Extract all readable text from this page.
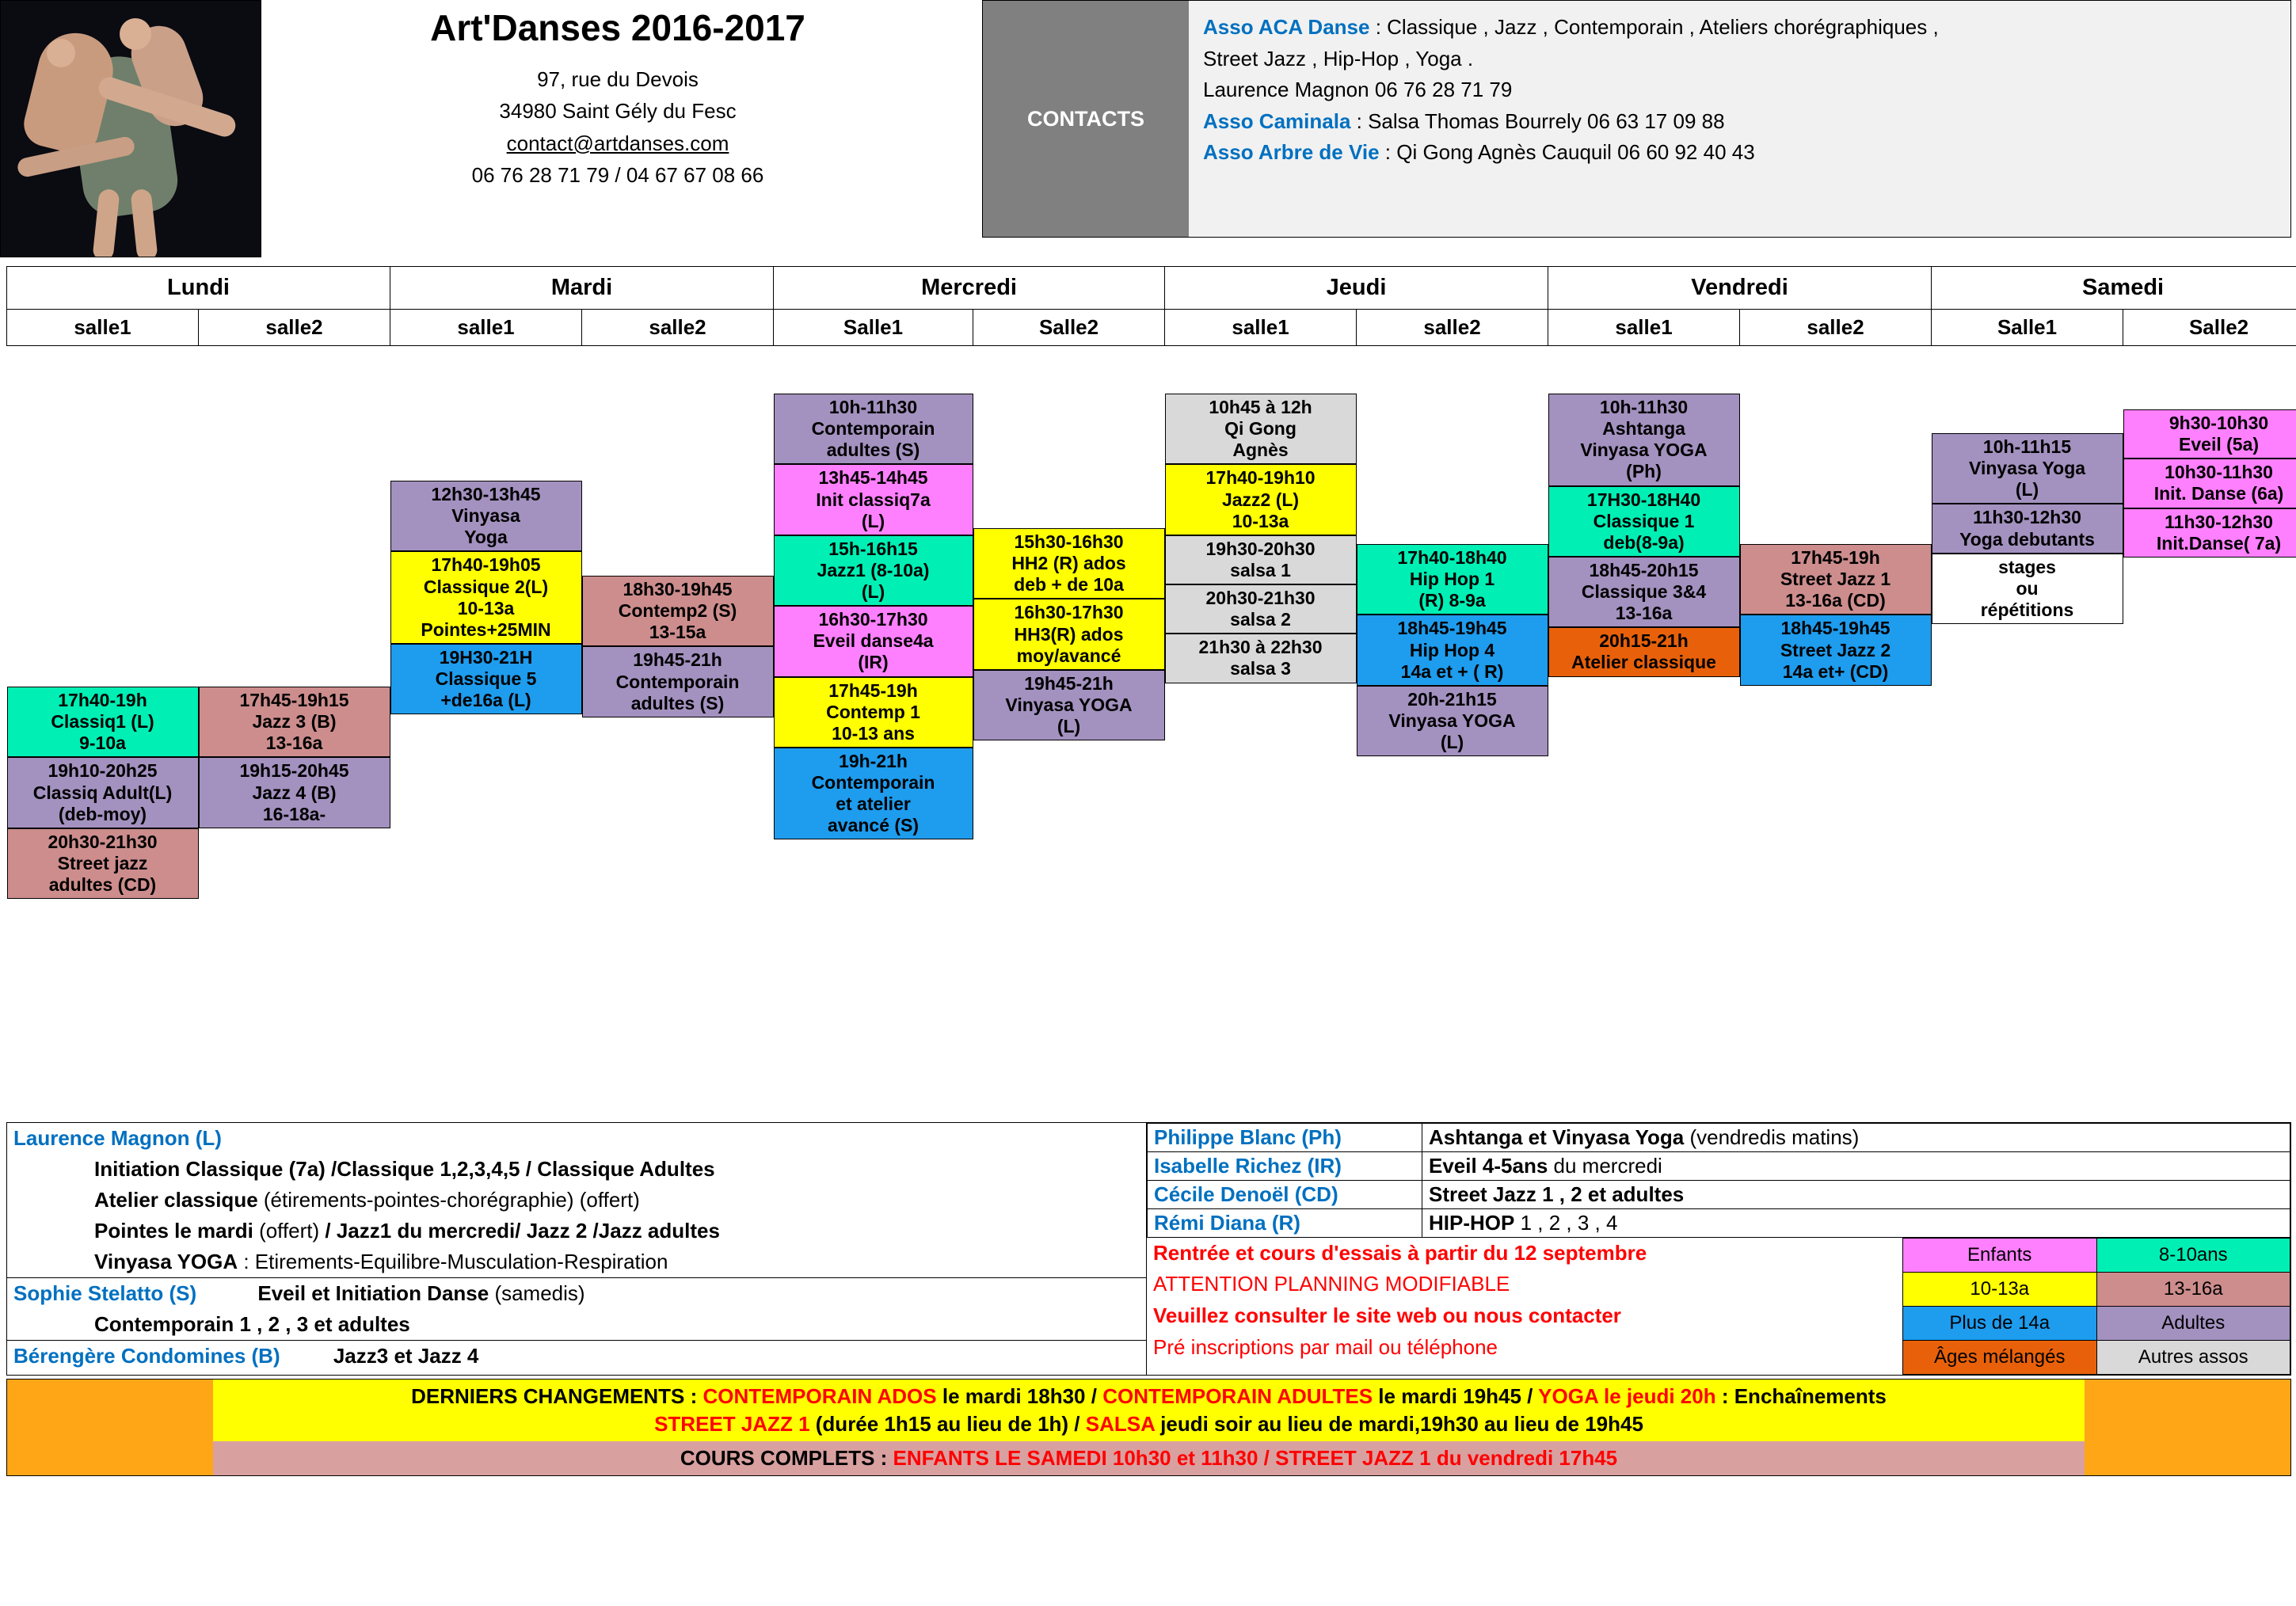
Art'Danses 2016-2017
97, rue du Devois
34980 Saint Gély du Fesc
contact@artdanses.com
06 76 28 71 79 / 04 67 67 08 66
CONTACTS
Asso ACA Danse : Classique , Jazz , Contemporain , Ateliers chorégraphiques ,
Street Jazz , Hip-Hop , Yoga .
Laurence Magnon 06 76 28 71 79
Asso Caminala : Salsa Thomas Bourrely 06 63 17 09 88
Asso Arbre de Vie : Qi Gong Agnès Cauquil 06 60 92 40 43
Lundi		Mardi		Mercredi		Jeudi		Vendredi		Samedi	
salle1	salle2	salle1	salle2	Salle1	Salle2	salle1	salle2	salle1	salle2	Salle1	Salle2

17h40-19h
Classiq1 (L)
9-10a
19h10-20h25
Classiq Adult(L)
(deb-moy)
20h30-21h30
Street jazz
adultes (CD)

17h45-19h15
Jazz 3 (B)
13-16a
19h15-20h45
Jazz 4 (B)
16-18a-

12h30-13h45
Vinyasa
Yoga
17h40-19h05
Classique 2(L)
10-13a
Pointes+25MIN
19H30-21H
Classique 5
+de16a (L)

18h30-19h45
Contemp2 (S)
13-15a
19h45-21h
Contemporain
adultes (S)

10h-11h30
Contemporain
adultes (S)
13h45-14h45
Init classiq7a
(L)
15h-16h15
Jazz1 (8-10a)
(L)
16h30-17h30
Eveil danse4a
(IR)
17h45-19h
Contemp 1
10-13 ans
19h-21h
Contemporain
et atelier
avancé (S)

15h30-16h30
HH2 (R) ados
deb + de 10a
16h30-17h30
HH3(R) ados
moy/avancé
19h45-21h
Vinyasa YOGA
(L)

10h45 à 12h
Qi Gong
Agnès
17h40-19h10
Jazz2 (L)
10-13a
19h30-20h30
salsa 1
20h30-21h30
salsa 2
21h30 à 22h30
salsa 3

17h40-18h40
Hip Hop 1
(R) 8-9a
18h45-19h45
Hip Hop 4
14a et + ( R)
20h-21h15
Vinyasa YOGA
(L)

10h-11h30
Ashtanga
Vinyasa YOGA
(Ph)
17H30-18H40
Classique 1
deb(8-9a)
18h45-20h15
Classique 3&4
13-16a
20h15-21h
Atelier classique

17h45-19h
Street Jazz 1
13-16a (CD)
18h45-19h45
Street Jazz 2
14a et+ (CD)

10h-11h15
Vinyasa Yoga
(L)
11h30-12h30
Yoga debutants
stages
ou
répétitions

9h30-10h30
Eveil (5a)
10h30-11h30
Init. Danse (6a)
11h30-12h30
Init.Danse( 7a)
Laurence Magnon (L)
Initiation Classique (7a) /Classique 1,2,3,4,5 / Classique Adultes
Atelier classique (étirements-pointes-chorégraphie) (offert)
Pointes le mardi (offert) / Jazz1 du mercredi/ Jazz 2 /Jazz adultes
Vinyasa YOGA : Etirements-Equilibre-Musculation-Respiration
Sophie Stelatto (S)	Eveil et Initiation Danse (samedis)
Contemporain 1 , 2 , 3 et adultes
Bérengère Condomines (B)	Jazz3 et Jazz 4
Philippe Blanc (Ph)	Ashtanga et Vinyasa Yoga (vendredis matins)
Isabelle Richez (IR)	Eveil 4-5ans du mercredi
Cécile Denoël (CD)	Street Jazz 1 , 2 et adultes
Rémi Diana (R)	HIP-HOP 1 , 2 , 3 , 4
Rentrée et cours d'essais à partir du 12 septembre
ATTENTION PLANNING MODIFIABLE
Veuillez consulter le site web ou nous contacter
Pré inscriptions par mail ou téléphone
Enfants	8-10ans
10-13a	13-16a
Plus de 14a	Adultes
Âges mélangés	Autres assos
DERNIERS CHANGEMENTS : CONTEMPORAIN ADOS le mardi 18h30 / CONTEMPORAIN ADULTES le mardi 19h45 / YOGA le jeudi 20h : Enchaînements
STREET JAZZ 1 (durée 1h15 au lieu de 1h) / SALSA jeudi soir au lieu de mardi,19h30 au lieu de 19h45
COURS COMPLETS : ENFANTS LE SAMEDI 10h30 et 11h30 / STREET JAZZ 1 du vendredi 17h45
